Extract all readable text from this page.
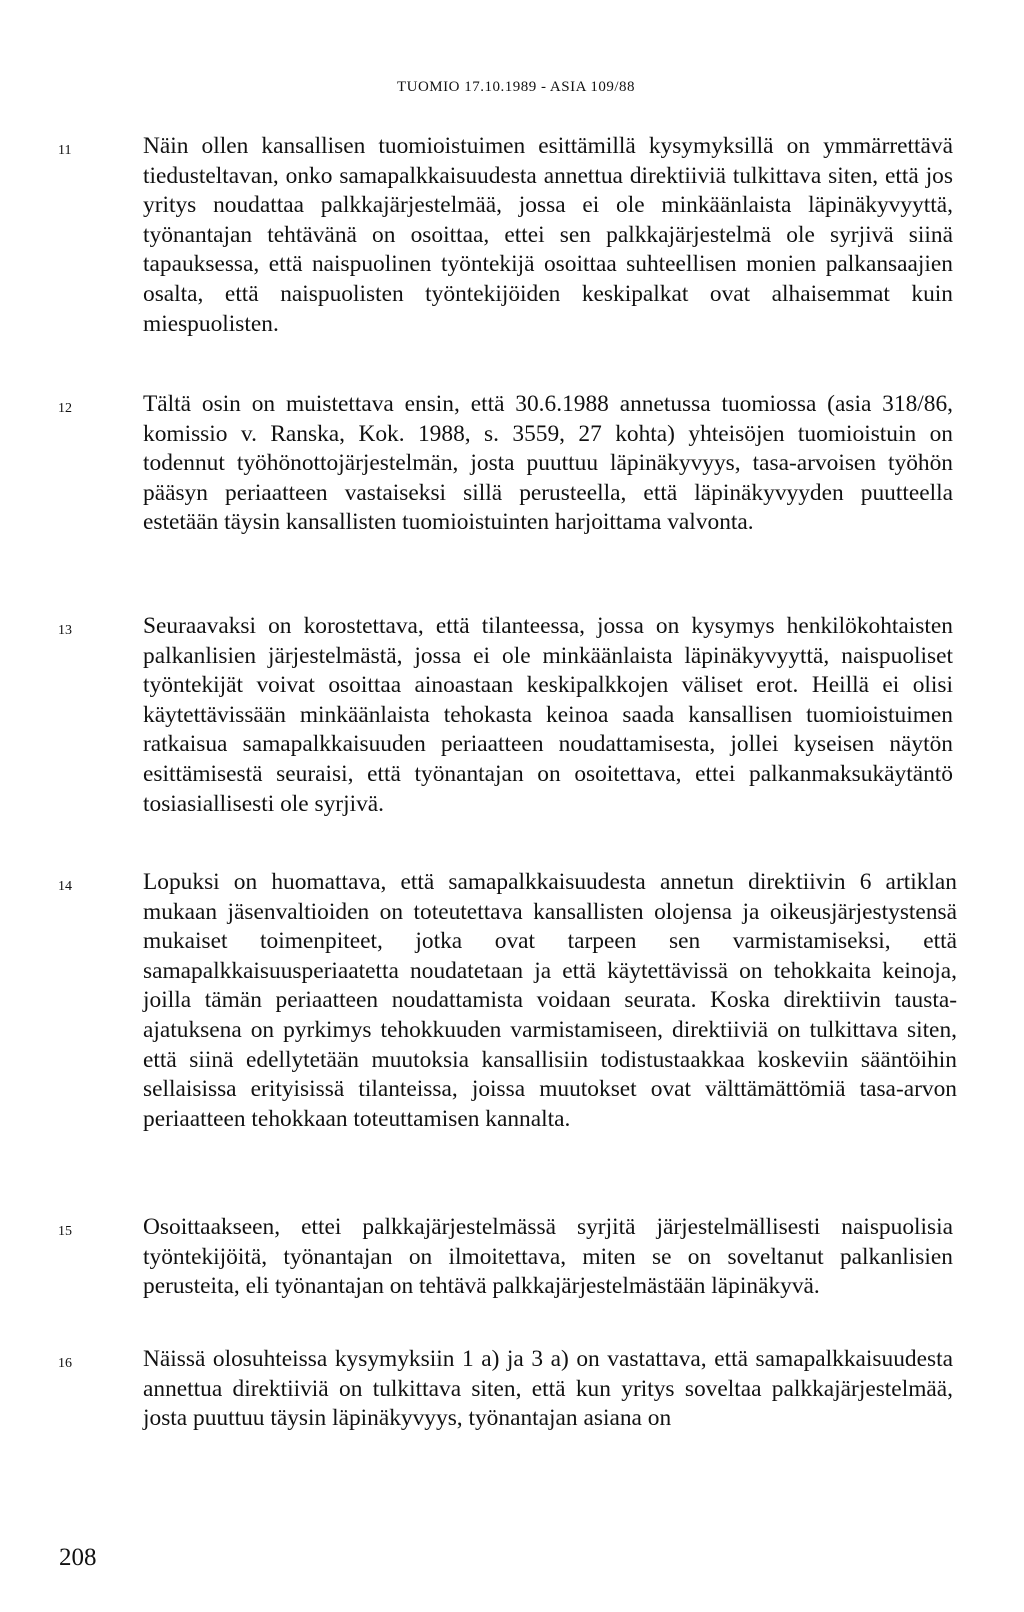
TUOMIO 17.10.1989 - ASIA 109/88
11	Näin ollen kansallisen tuomioistuimen esittämillä kysymyksillä on ymmärrettävä tiedusteltavan, onko samapalkkaisuudesta annettua direktiiviä tulkittava siten, että jos yritys noudattaa palkkajärjestelmää, jossa ei ole minkäänlaista läpinäkyvyyttä, työnantajan tehtävänä on osoittaa, ettei sen palkkajärjestelmä ole syrjivä siinä tapauksessa, että naispuolinen työntekijä osoittaa suhteellisen monien palkansaajien osalta, että naispuolisten työntekijöiden keskipalkat ovat alhaisemmat kuin miespuolisten.

12	Tältä osin on muistettava ensin, että 30.6.1988 annetussa tuomiossa (asia 318/86, komissio v. Ranska, Kok. 1988, s. 3559, 27 kohta) yhteisöjen tuomioistuin on todennut työhönottojärjestelmän, josta puuttuu läpinäkyvyys, tasa-arvoisen työhön pääsyn periaatteen vastaiseksi sillä perusteella, että läpinäkyvyyden puutteella estetään täysin kansallisten tuomioistuinten harjoittama valvonta.

13	Seuraavaksi on korostettava, että tilanteessa, jossa on kysymys henkilökohtaisten palkanlisien järjestelmästä, jossa ei ole minkäänlaista läpinäkyvyyttä, naispuoliset työntekijät voivat osoittaa ainoastaan keskipalkkojen väliset erot. Heillä ei olisi käytettävissään minkäänlaista tehokasta keinoa saada kansallisen tuomioistuimen ratkaisua samapalkkaisuuden periaatteen noudattamisesta, jollei kyseisen näytön esittämisestä seuraisi, että työnantajan on osoitettava, ettei palkanmaksukäytäntö tosiasiallisesti ole syrjivä.

14	Lopuksi on huomattava, että samapalkkaisuudesta annetun direktiivin 6 artiklan mukaan jäsenvaltioiden on toteutettava kansallisten olojensa ja oikeusjärjestystensä mukaiset toimenpiteet, jotka ovat tarpeen sen varmistamiseksi, että samapalkkaisuusperiaatetta noudatetaan ja että käytettävissä on tehokkaita keinoja, joilla tämän periaatteen noudattamista voidaan seurata. Koska direktiivin tausta-ajatuksena on pyrkimys tehokkuuden varmistamiseen, direktiiviä on tulkittava siten, että siinä edellytetään muutoksia kansallisiin todistustaakkaa koskeviin sääntöihin sellaisissa erityisissä tilanteissa, joissa muutokset ovat välttämättömiä tasa-arvon periaatteen tehokkaan toteuttamisen kannalta.

15	Osoittaakseen, ettei palkkajärjestelmässä syrjitä järjestelmällisesti naispuolisia työntekijöitä, työnantajan on ilmoitettava, miten se on soveltanut palkanlisien perusteita, eli työnantajan on tehtävä palkkajärjestelmästään läpinäkyvä.

16	Näissä olosuhteissa kysymyksiin 1 a) ja 3 a) on vastattava, että samapalkkaisuudesta annettua direktiiviä on tulkittava siten, että kun yritys soveltaa palkkajärjestelmää, josta puuttuu täysin läpinäkyvyys, työnantajan asiana on

208
